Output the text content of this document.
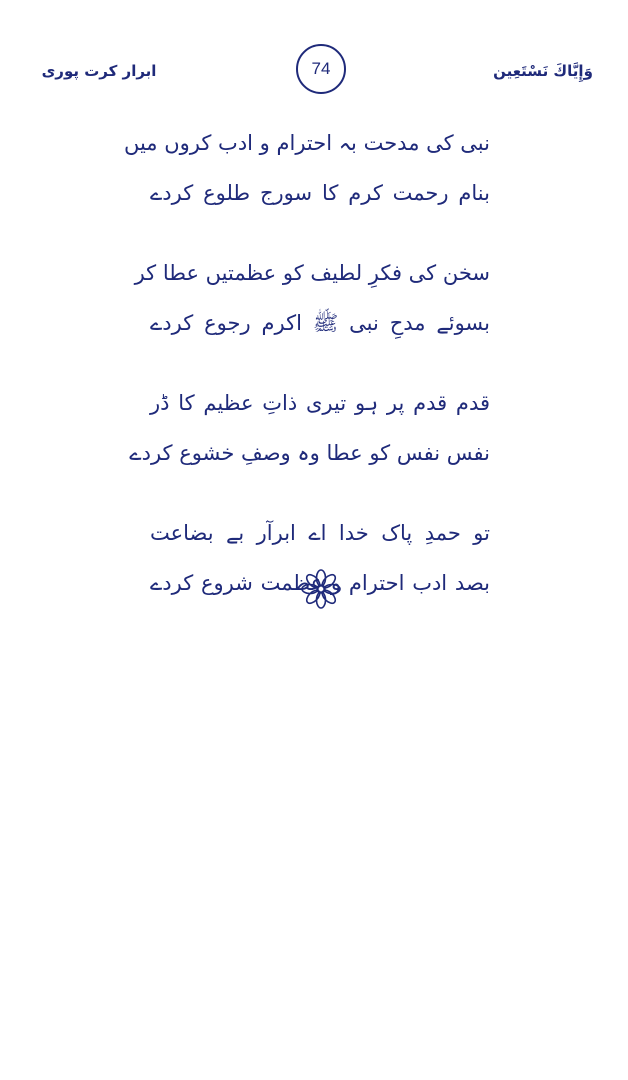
ابرار کرت پوری	74	وَإِيَّاكَ نَسْتَعِين
نبی کی مدحت بہ احترام و ادب کروں میں
بنام رحمت کرم کا سورج طلوع کردے
سخن کی فکرِ لطیف کو عظمتیں عطا کر
بسوئے مدحِ نبی ﷺ اکرم رجوع کردے
قدم قدم پر ہو تیری ذاتِ عظیم کا ڈر
نفس نفس کو عطا وہ وصفِ خشوع کردے
تو حمدِ پاک خدا اے ابرآر بے بضاعت
بصد ادب احترام و عظمت شروع کردے
